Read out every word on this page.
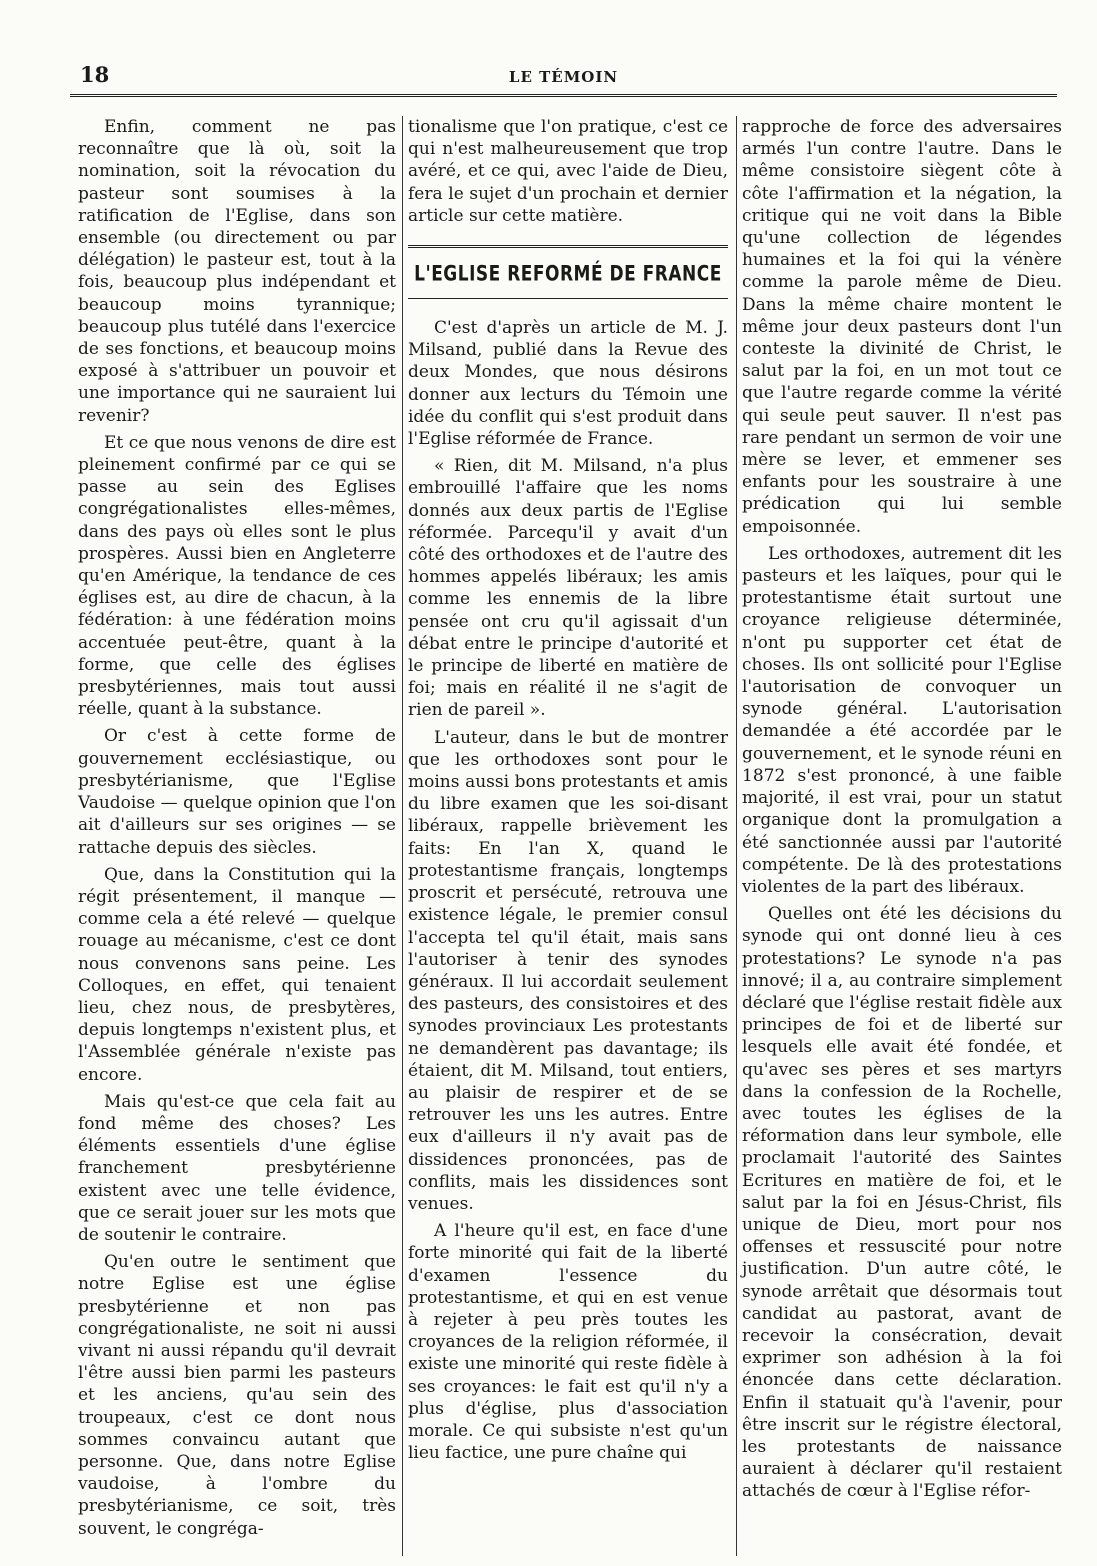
18	LE TÉMOIN

Enfin, comment ne pas reconnaître que là où, soit la nomination, soit la révocation du pasteur sont soumises à la ratification de l'Eglise, dans son ensemble (ou directement ou par délégation) le pasteur est, tout à la fois, beaucoup plus indépendant et beaucoup moins tyrannique; beaucoup plus tutélé dans l'exercice de ses fonctions, et beaucoup moins exposé à s'attribuer un pouvoir et une importance qui ne sauraient lui revenir?

Et ce que nous venons de dire est pleinement confirmé par ce qui se passe au sein des Eglises congrégationalistes elles-mêmes, dans des pays où elles sont le plus prospères. Aussi bien en Angleterre qu'en Amérique, la tendance de ces églises est, au dire de chacun, à la fédération: à une fédération moins accentuée peut-être, quant à la forme, que celle des églises presbytériennes, mais tout aussi réelle, quant à la substance.

Or c'est à cette forme de gouvernement ecclésiastique, ou presbytérianisme, que l'Eglise Vaudoise — quelque opinion que l'on ait d'ailleurs sur ses origines — se rattache depuis des siècles.

Que, dans la Constitution qui la régit présentement, il manque — comme cela a été relevé — quelque rouage au mécanisme, c'est ce dont nous convenons sans peine. Les Colloques, en effet, qui tenaient lieu, chez nous, de presbytères, depuis longtemps n'existent plus, et l'Assemblée générale n'existe pas encore.

Mais qu'est-ce que cela fait au fond même des choses? Les éléments essentiels d'une église franchement presbytérienne existent avec une telle évidence, que ce serait jouer sur les mots que de soutenir le contraire.

Qu'en outre le sentiment que notre Eglise est une église presbytérienne et non pas congrégationaliste, ne soit ni aussi vivant ni aussi répandu qu'il devrait l'être aussi bien parmi les pasteurs et les anciens, qu'au sein des troupeaux, c'est ce dont nous sommes convaincu autant que personne. Que, dans notre Eglise vaudoise, à l'ombre du presbytérianisme, ce soit, très souvent, le congréga-

tionalisme que l'on pratique, c'est ce qui n'est malheureusement que trop avéré, et ce qui, avec l'aide de Dieu, fera le sujet d'un prochain et dernier article sur cette matière.

L'EGLISE REFORMÉ DE FRANCE

C'est d'après un article de M. J. Milsand, publié dans la Revue des deux Mondes, que nous désirons donner aux lecturs du Témoin une idée du conflit qui s'est produit dans l'Eglise réformée de France.

« Rien, dit M. Milsand, n'a plus embrouillé l'affaire que les noms donnés aux deux partis de l'Eglise réformée. Parcequ'il y avait d'un côté des orthodoxes et de l'autre des hommes appelés libéraux; les amis comme les ennemis de la libre pensée ont cru qu'il agissait d'un débat entre le principe d'autorité et le principe de liberté en matière de foi; mais en réalité il ne s'agit de rien de pareil ».

L'auteur, dans le but de montrer que les orthodoxes sont pour le moins aussi bons protestants et amis du libre examen que les soi-disant libéraux, rappelle brièvement les faits: En l'an X, quand le protestantisme français, longtemps proscrit et persécuté, retrouva une existence légale, le premier consul l'accepta tel qu'il était, mais sans l'autoriser à tenir des synodes généraux. Il lui accordait seulement des pasteurs, des consistoires et des synodes provinciaux Les protestants ne demandèrent pas davantage; ils étaient, dit M. Milsand, tout entiers, au plaisir de respirer et de se retrouver les uns les autres. Entre eux d'ailleurs il n'y avait pas de dissidences prononcées, pas de conflits, mais les dissidences sont venues.

A l'heure qu'il est, en face d'une forte minorité qui fait de la liberté d'examen l'essence du protestantisme, et qui en est venue à rejeter à peu près toutes les croyances de la religion réformée, il existe une minorité qui reste fidèle à ses croyances: le fait est qu'il n'y a plus d'église, plus d'association morale. Ce qui subsiste n'est qu'un lieu factice, une pure chaîne qui

rapproche de force des adversaires armés l'un contre l'autre. Dans le même consistoire siègent côte à côte l'affirmation et la négation, la critique qui ne voit dans la Bible qu'une collection de légendes humaines et la foi qui la vénère comme la parole même de Dieu. Dans la même chaire montent le même jour deux pasteurs dont l'un conteste la divinité de Christ, le salut par la foi, en un mot tout ce que l'autre regarde comme la vérité qui seule peut sauver. Il n'est pas rare pendant un sermon de voir une mère se lever, et emmener ses enfants pour les soustraire à une prédication qui lui semble empoisonnée.

Les orthodoxes, autrement dit les pasteurs et les laïques, pour qui le protestantisme était surtout une croyance religieuse déterminée, n'ont pu supporter cet état de choses. Ils ont sollicité pour l'Eglise l'autorisation de convoquer un synode général. L'autorisation demandée a été accordée par le gouvernement, et le synode réuni en 1872 s'est prononcé, à une faible majorité, il est vrai, pour un statut organique dont la promulgation a été sanctionnée aussi par l'autorité compétente. De là des protestations violentes de la part des libéraux.

Quelles ont été les décisions du synode qui ont donné lieu à ces protestations? Le synode n'a pas innové; il a, au contraire simplement déclaré que l'église restait fidèle aux principes de foi et de liberté sur lesquels elle avait été fondée, et qu'avec ses pères et ses martyrs dans la confession de la Rochelle, avec toutes les églises de la réformation dans leur symbole, elle proclamait l'autorité des Saintes Ecritures en matière de foi, et le salut par la foi en Jésus-Christ, fils unique de Dieu, mort pour nos offenses et ressuscité pour notre justification. D'un autre côté, le synode arrêtait que désormais tout candidat au pastorat, avant de recevoir la consécration, devait exprimer son adhésion à la foi énoncée dans cette déclaration. Enfin il statuait qu'à l'avenir, pour être inscrit sur le régistre électoral, les protestants de naissance auraient à déclarer qu'il restaient attachés de cœur à l'Eglise réfor-
